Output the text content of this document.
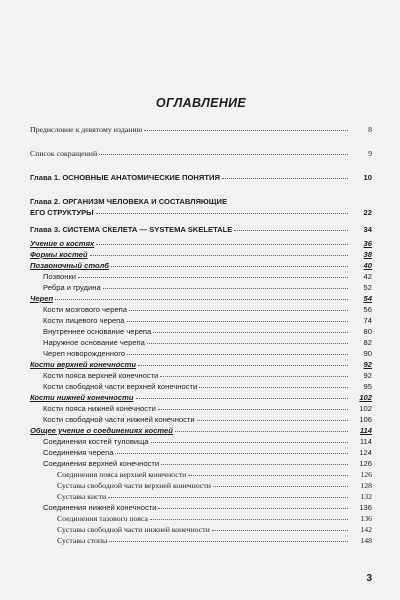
ОГЛАВЛЕНИЕ
Предисловие к девятому изданию	8
Список сокращений	9
Глава 1. ОСНОВНЫЕ АНАТОМИЧЕСКИЕ ПОНЯТИЯ	10
Глава 2. ОРГАНИЗМ ЧЕЛОВЕКА И СОСТАВЛЯЮЩИЕ
ЕГО СТРУКТУРЫ	22
Глава 3. СИСТЕМА СКЕЛЕТА — SYSTEMA SKELETALE	34
Учение о костях	36
Формы костей	38
Позвоночный столб	40
Позвонки	42
Ребра и грудина	52
Череп	54
Кости мозгового черепа	56
Кости лицевого черепа	74
Внутреннее основание черепа	80
Наружное основание черепа	82
Череп новорожденного	90
Кости верхней конечности	92
Кости пояса верхней конечности	92
Кости свободной части верхней конечности	95
Кости нижней конечности	102
Кости пояса нижней конечности	102
Кости свободной части нижней конечности	106
Общее учение о соединениях костей	114
Соединения костей туловища	114
Соединения черепа	124
Соединения верхней конечности	126
Соединения пояса верхней конечности	126
Суставы свободной части верхней конечности	128
Суставы кисти	132
Соединения нижней конечности	136
Соединения тазового пояса	136
Суставы свободной части нижней конечности	142
Суставы стопы	148
3
